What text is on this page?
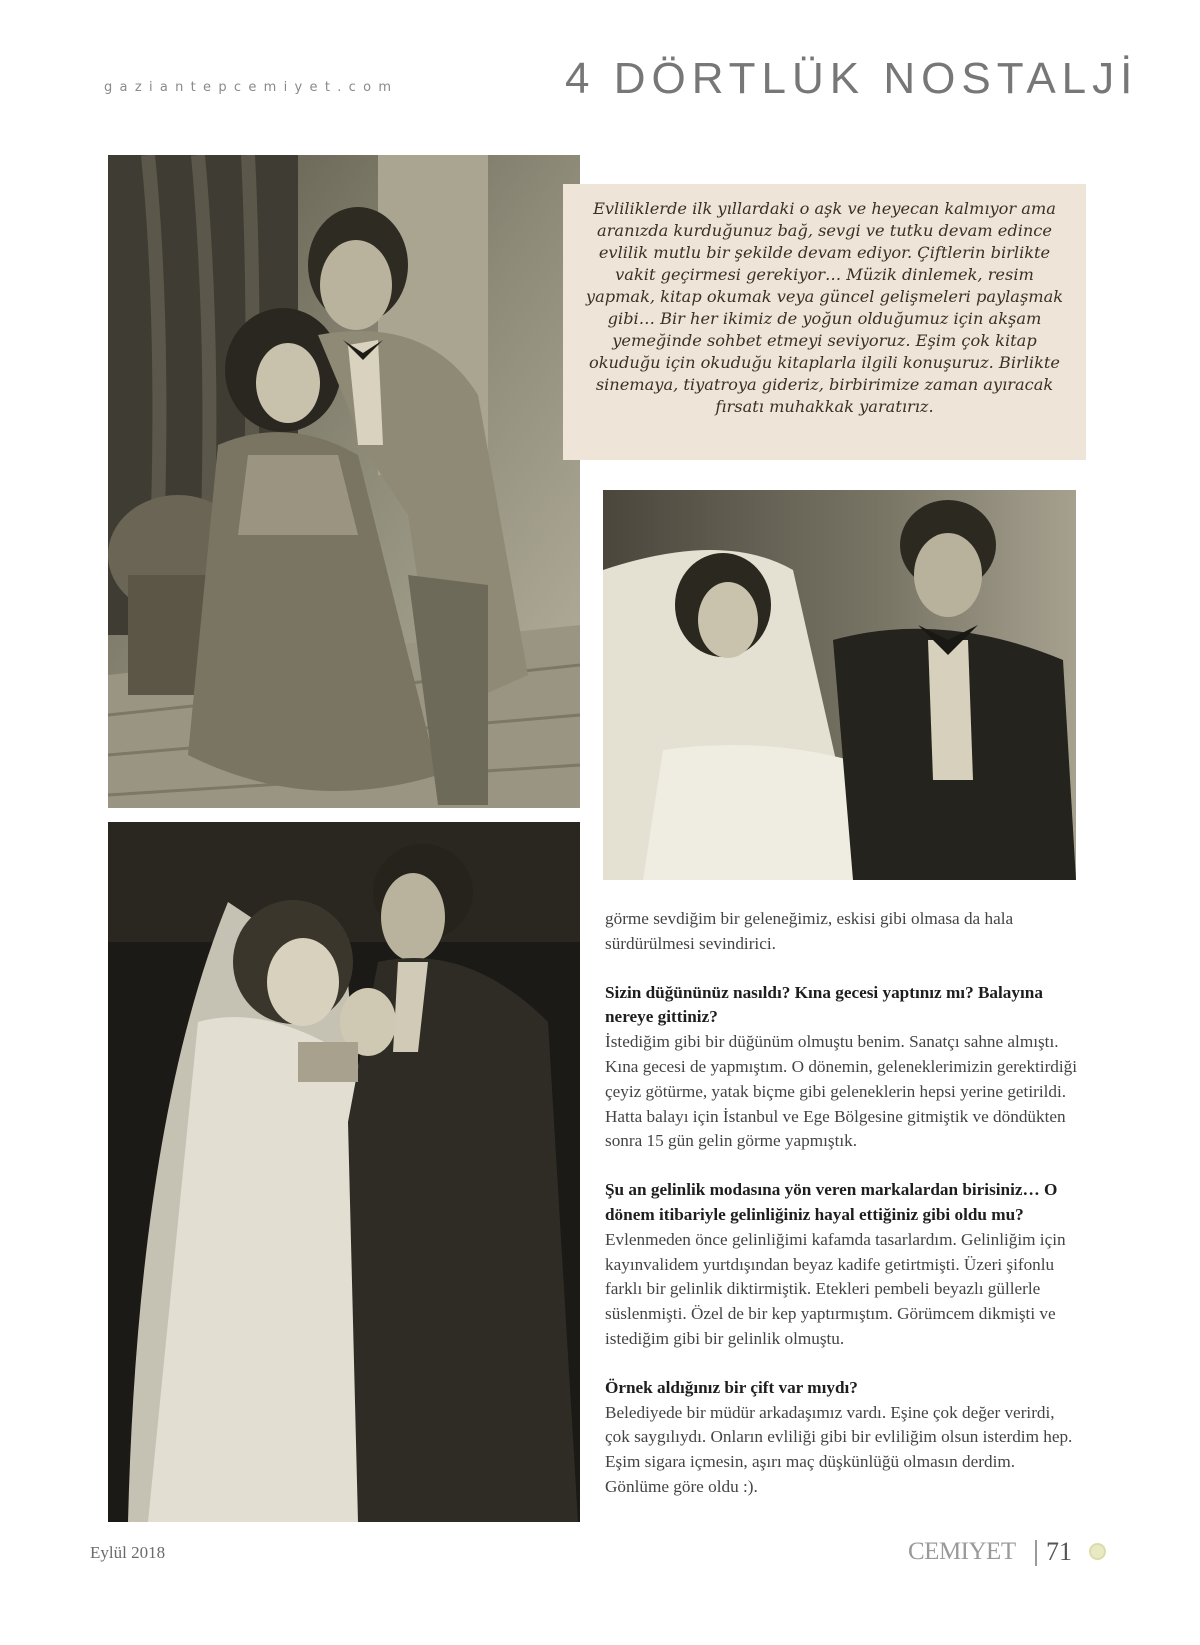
gaziantepcemiyet.com	4 DÖRTLÜK NOSTALJİ

Evliliklerde ilk yıllardaki o aşk ve heyecan kalmıyor ama aranızda kurduğunuz bağ, sevgi ve tutku devam edince evlilik mutlu bir şekilde devam ediyor. Çiftlerin birlikte vakit geçirmesi gerekiyor… Müzik dinlemek, resim yapmak, kitap okumak veya güncel gelişmeleri paylaşmak gibi… Bir her ikimiz de yoğun olduğumuz için akşam yemeğinde sohbet etmeyi seviyoruz. Eşim çok kitap okuduğu için okuduğu kitaplarla ilgili konuşuruz. Birlikte sinemaya, tiyatroya gideriz, birbirimize zaman ayıracak fırsatı muhakkak yaratırız.

görme sevdiğim bir geleneğimiz, eskisi gibi olmasa da hala sürdürülmesi sevindirici.

Sizin düğününüz nasıldı? Kına gecesi yaptınız mı? Balayına nereye gittiniz?

İstediğim gibi bir düğünüm olmuştu benim. Sanatçı sahne almıştı. Kına gecesi de yapmıştım. O dönemin, geleneklerimizin gerektirdiği çeyiz götürme, yatak biçme gibi geleneklerin hepsi yerine getirildi. Hatta balayı için İstanbul ve Ege Bölgesine gitmiştik ve döndükten sonra 15 gün gelin görme yapmıştık.

Şu an gelinlik modasına yön veren markalardan birisiniz… O dönem itibariyle gelinliğiniz hayal ettiğiniz gibi oldu mu?

Evlenmeden önce gelinliğimi kafamda tasarlardım. Gelinliğim için kayınvalidem yurtdışından beyaz kadife getirtmişti. Üzeri şifonlu farklı bir gelinlik diktirmiştik. Etekleri pembeli beyazlı güllerle süslenmişti. Özel de bir kep yaptırmıştım. Görümcem dikmişti ve istediğim gibi bir gelinlik olmuştu.

Örnek aldığınız bir çift var mıydı?

Belediyede bir müdür arkadaşımız vardı. Eşine çok değer verirdi, çok saygılıydı. Onların evliliği gibi bir evliliğim olsun isterdim hep. Eşim sigara içmesin, aşırı maç düşkünlüğü olmasın derdim. Gönlüme göre oldu :).

Eylül 2018	CEMIYET 71
